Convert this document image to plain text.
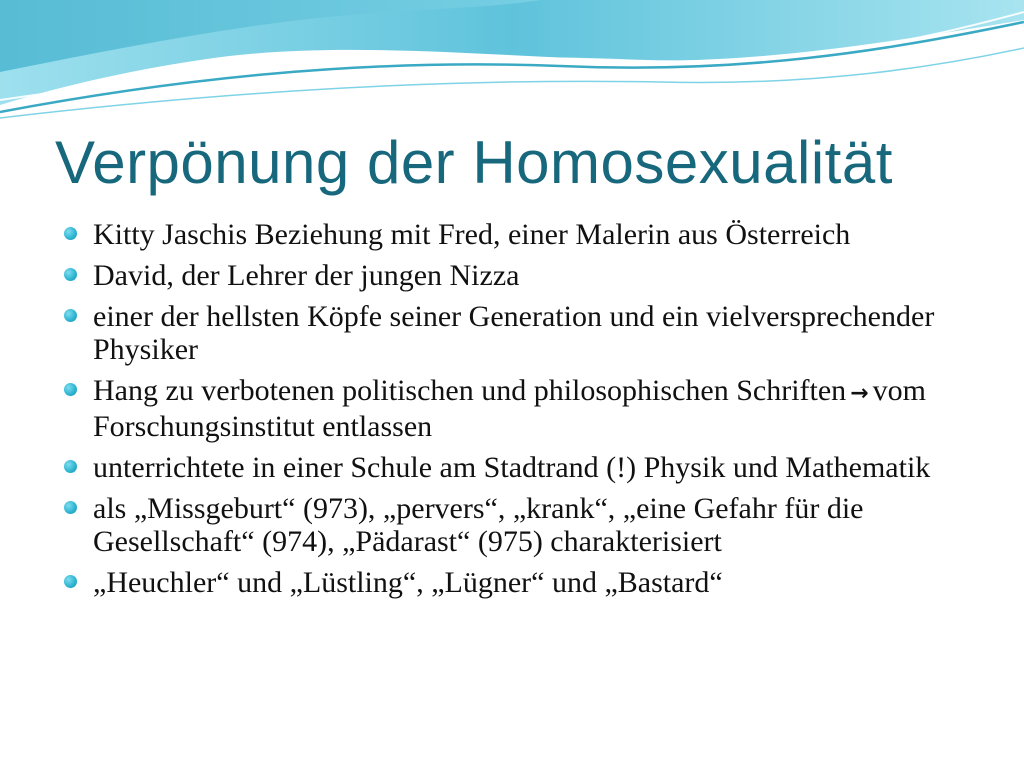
Verpönung der Homosexualität
Kitty Jaschis Beziehung mit Fred, einer Malerin aus Österreich
David, der Lehrer der jungen Nizza
einer der hellsten Köpfe seiner Generation und ein vielversprechender Physiker
Hang zu verbotenen politischen und philosophischen Schriften → vom Forschungsinstitut entlassen
unterrichtete in einer Schule am Stadtrand (!) Physik und Mathematik
als „Missgeburt“ (973), „pervers“, „krank“, „eine Gefahr für die Gesellschaft“ (974), „Pädarast“ (975) charakterisiert
„Heuchler“ und „Lüstling“, „Lügner“ und „Bastard“
